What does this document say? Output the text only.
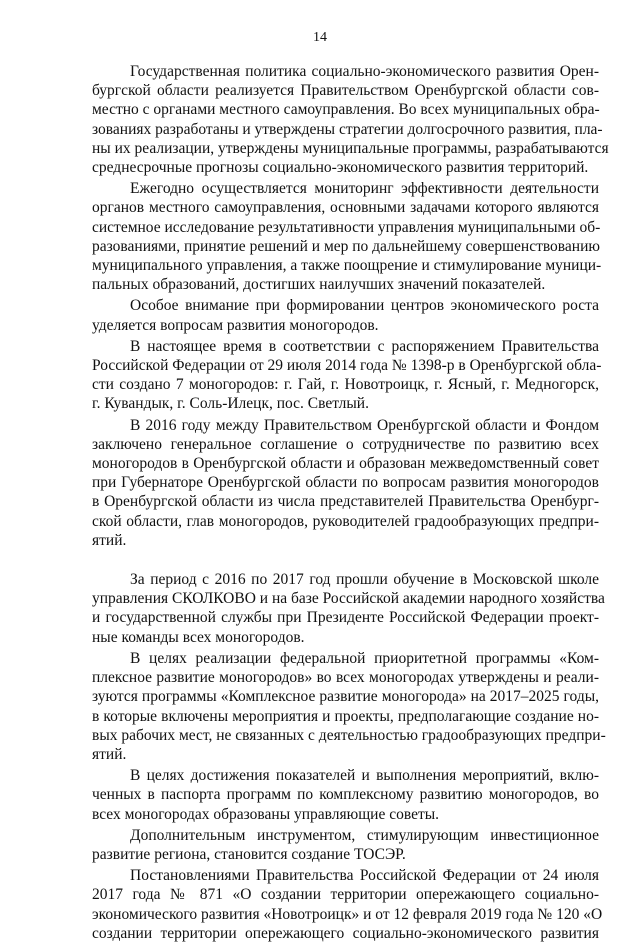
14

Государственная политика социально-экономического развития Орен-
бургской области реализуется Правительством Оренбургской области сов-
местно с органами местного самоуправления. Во всех муниципальных обра-
зованиях разработаны и утверждены стратегии долгосрочного развития, пла-
ны их реализации, утверждены муниципальные программы, разрабатываются
среднесрочные прогнозы социально-экономического развития территорий.

Ежегодно осуществляется мониторинг эффективности деятельности
органов местного самоуправления, основными задачами которого являются
системное исследование результативности управления муниципальными об-
разованиями, принятие решений и мер по дальнейшему совершенствованию
муниципального управления, а также поощрение и стимулирование муници-
пальных образований, достигших наилучших значений показателей.

Особое внимание при формировании центров экономического роста
уделяется вопросам развития моногородов.

В настоящее время в соответствии с распоряжением Правительства
Российской Федерации от 29 июля 2014 года № 1398-р в Оренбургской обла-
сти создано 7 моногородов: г. Гай, г. Новотроицк, г. Ясный, г. Медногорск,
г. Кувандык, г. Соль-Илецк, пос. Светлый.

В 2016 году между Правительством Оренбургской области и Фондом
заключено генеральное соглашение о сотрудничестве по развитию всех
моногородов в Оренбургской области и образован межведомственный совет
при Губернаторе Оренбургской области по вопросам развития моногородов
в Оренбургской области из числа представителей Правительства Оренбург-
ской области, глав моногородов, руководителей градообразующих предпри-
ятий.

За период с 2016 по 2017 год прошли обучение в Московской школе
управления СКОЛКОВО и на базе Российской академии народного хозяйства
и государственной службы при Президенте Российской Федерации проект-
ные команды всех моногородов.

В целях реализации федеральной приоритетной программы «Ком-
плексное развитие моногородов» во всех моногородах утверждены и реали-
зуются программы «Комплексное развитие моногорода» на 2017–2025 годы,
в которые включены мероприятия и проекты, предполагающие создание но-
вых рабочих мест, не связанных с деятельностью градообразующих предпри-
ятий.

В целях достижения показателей и выполнения мероприятий, вклю-
ченных в паспорта программ по комплексному развитию моногородов, во
всех моногородах образованы управляющие советы.

Дополнительным инструментом, стимулирующим инвестиционное
развитие региона, становится создание ТОСЭР.

Постановлениями Правительства Российской Федерации от 24 июля
2017 года № 871 «О создании территории опережающего социально-
экономического развития «Новотроицк» и от 12 февраля 2019 года № 120 «О
создании территории опережающего социально-экономического развития
